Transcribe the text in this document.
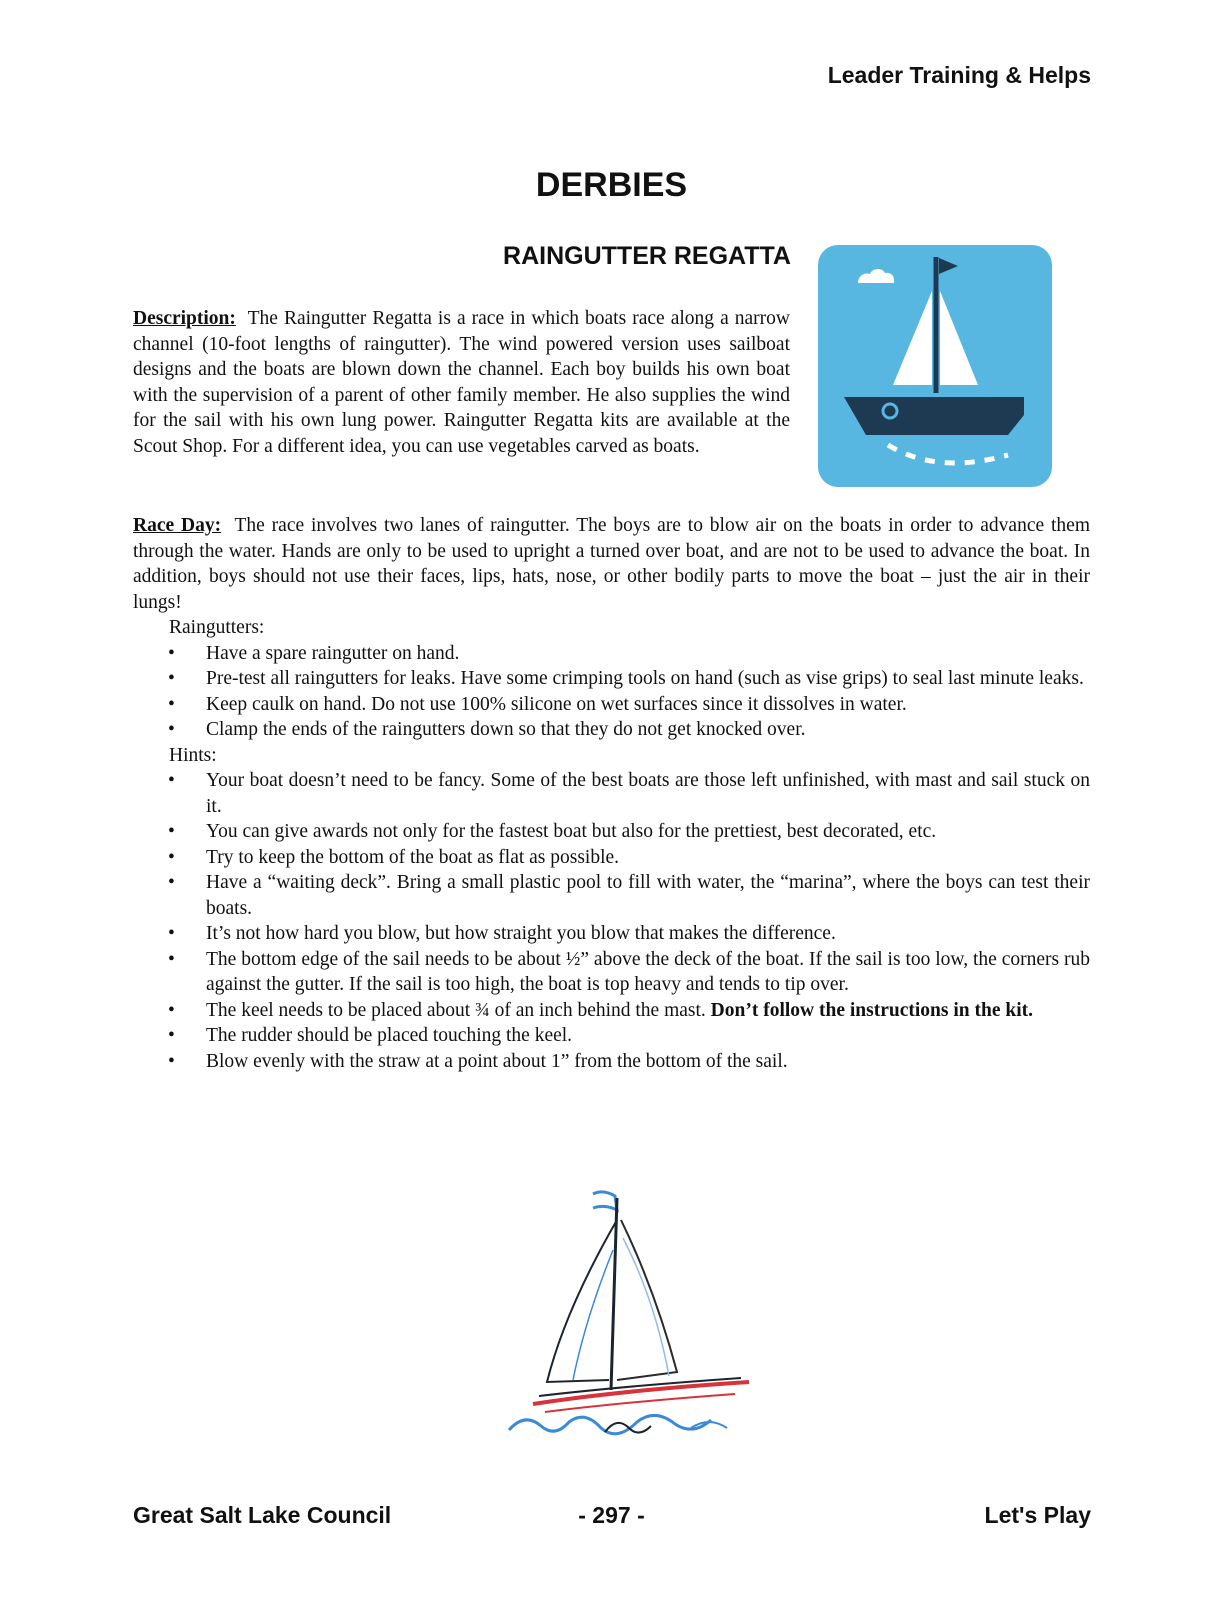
Leader Training & Helps
DERBIES
RAINGUTTER REGATTA
Description: The Raingutter Regatta is a race in which boats race along a narrow channel (10-foot lengths of raingutter). The wind powered version uses sailboat designs and the boats are blown down the channel. Each boy builds his own boat with the supervision of a parent of other family member. He also supplies the wind for the sail with his own lung power. Raingutter Regatta kits are available at the Scout Shop. For a different idea, you can use vegetables carved as boats.

Race Day: The race involves two lanes of raingutter. The boys are to blow air on the boats in order to advance them through the water. Hands are only to be used to upright a turned over boat, and are not to be used to advance the boat. In addition, boys should not use their faces, lips, hats, nose, or other bodily parts to move the boat – just the air in their lungs!

Raingutters:
• Have a spare raingutter on hand.
• Pre-test all raingutters for leaks. Have some crimping tools on hand (such as vise grips) to seal last minute leaks.
• Keep caulk on hand. Do not use 100% silicone on wet surfaces since it dissolves in water.
• Clamp the ends of the raingutters down so that they do not get knocked over.
Hints:
• Your boat doesn’t need to be fancy. Some of the best boats are those left unfinished, with mast and sail stuck on it.
• You can give awards not only for the fastest boat but also for the prettiest, best decorated, etc.
• Try to keep the bottom of the boat as flat as possible.
• Have a “waiting deck”. Bring a small plastic pool to fill with water, the “marina”, where the boys can test their boats.
• It’s not how hard you blow, but how straight you blow that makes the difference.
• The bottom edge of the sail needs to be about ½” above the deck of the boat. If the sail is too low, the corners rub against the gutter. If the sail is too high, the boat is top heavy and tends to tip over.
• The keel needs to be placed about ¾ of an inch behind the mast. Don’t follow the instructions in the kit.
• The rudder should be placed touching the keel.
• Blow evenly with the straw at a point about 1” from the bottom of the sail.
Great Salt Lake Council	- 297 -	Let's Play
